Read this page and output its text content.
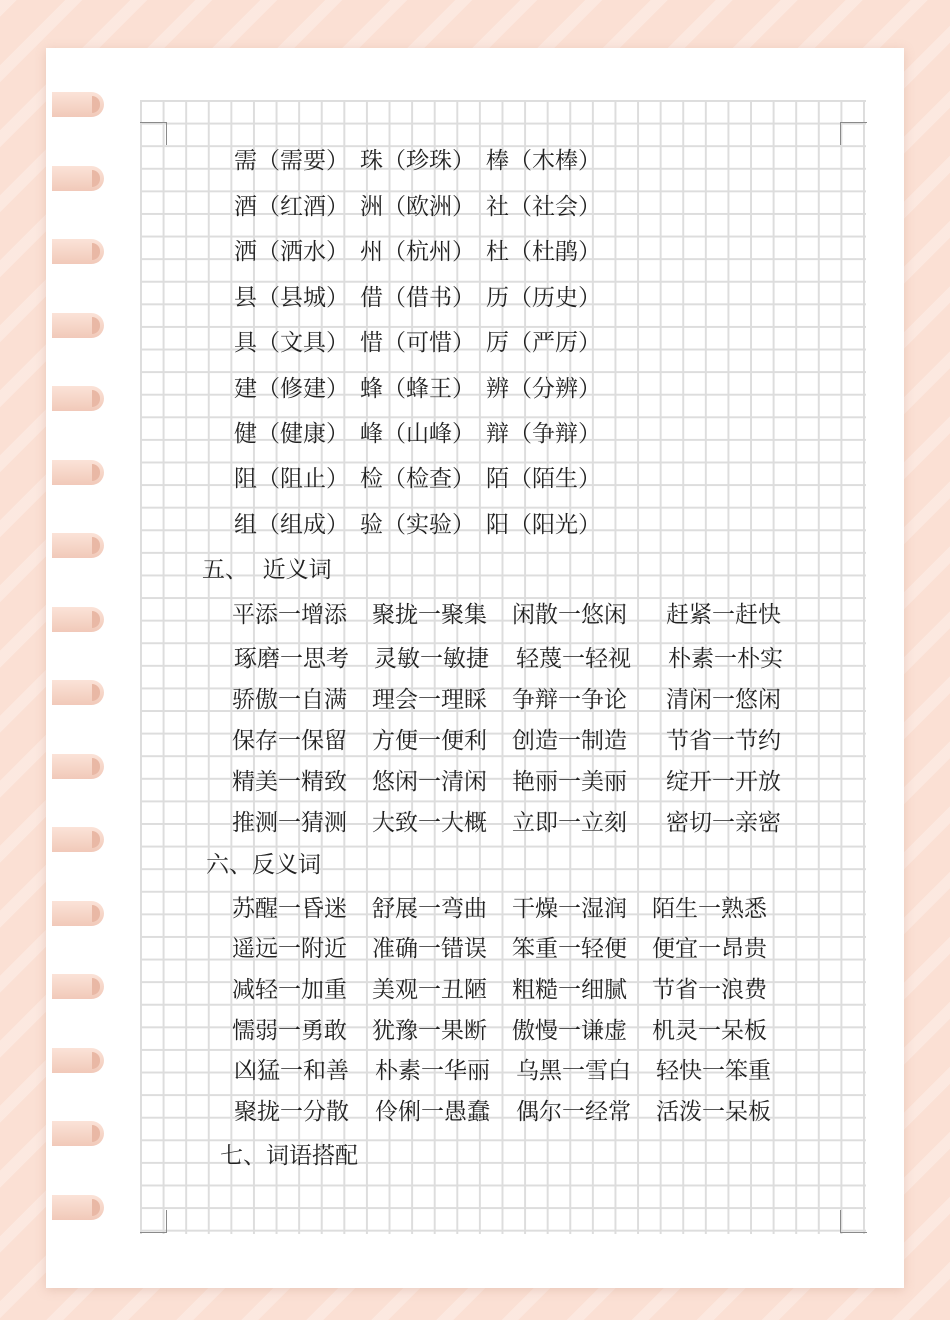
需（需要）

珠（珍珠）

棒（木棒）

酒（红酒）

洲（欧洲）

社（社会）

洒（洒水）

州（杭州）

杜（杜鹃）

县（县城）

借（借书）

历（历史）

具（文具）

惜（可惜）

厉（严厉）

建（修建）

蜂（蜂王）

辨（分辨）

健（健康）

峰（山峰）

辩（争辩）

阻（阻止）

检（检查）

陌（陌生）

组（组成）

验（实验）

阳（阳光）

五、  近义词

平添一增添

聚拢一聚集

闲散一悠闲

赶紧一赶快

琢磨一思考

灵敏一敏捷

轻蔑一轻视

朴素一朴实

骄傲一自满

理会一理睬

争辩一争论

清闲一悠闲

保存一保留

方便一便利

创造一制造

节省一节约

精美一精致

悠闲一清闲

艳丽一美丽

绽开一开放

推测一猜测

大致一大概

立即一立刻

密切一亲密

六、反义词

苏醒一昏迷

舒展一弯曲

干燥一湿润

陌生一熟悉

遥远一附近

准确一错误

笨重一轻便

便宜一昂贵

减轻一加重

美观一丑陋

粗糙一细腻

节省一浪费

懦弱一勇敢

犹豫一果断

傲慢一谦虚

机灵一呆板

凶猛一和善

朴素一华丽

乌黑一雪白

轻快一笨重

聚拢一分散

伶俐一愚蠢

偶尔一经常

活泼一呆板

七、词语搭配
